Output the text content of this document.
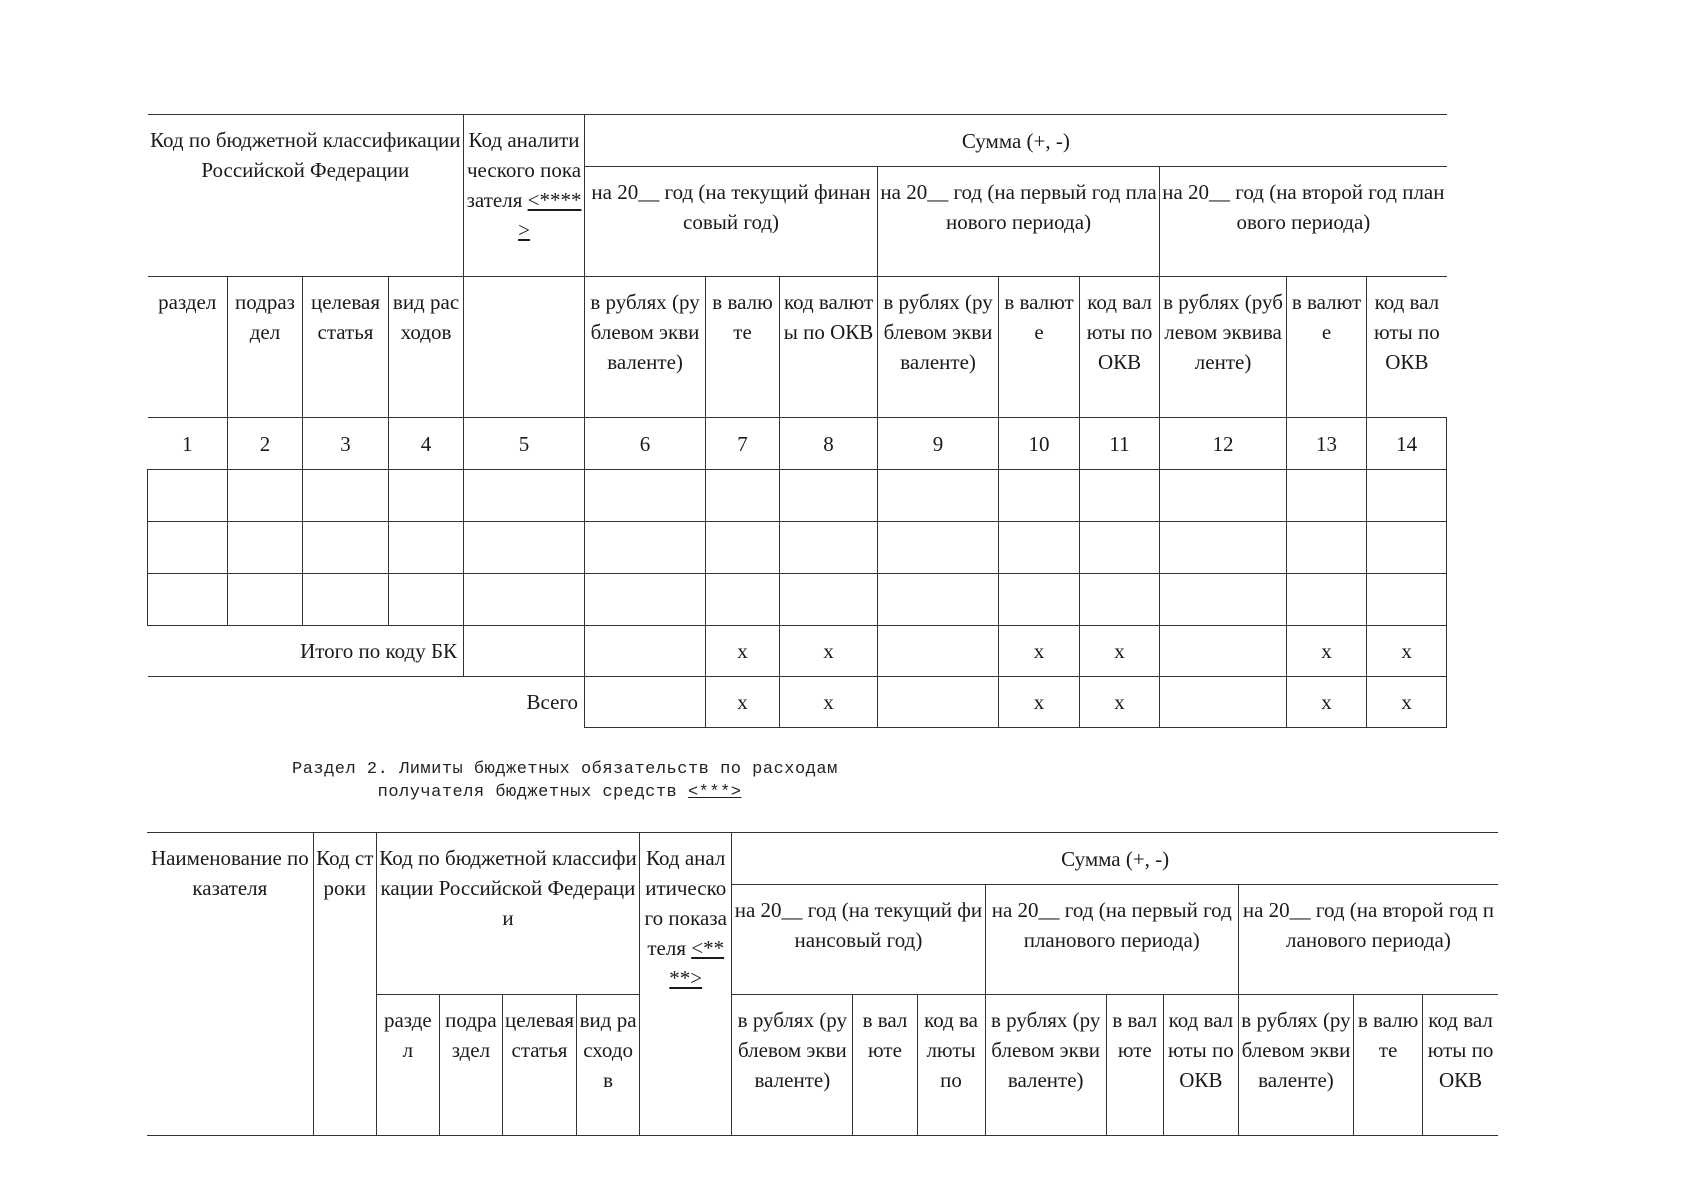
Код по бюджетной классификации Российской Федерации				Код аналитического показателя <****>	Сумма (+, -)								
					на 20__ год (на текущий финансовый год)			на 20__ год (на первый год планового периода)			на 20__ год (на второй год планового периода)		
раздел	подраздел	целевая статья	вид расходов		в рублях (рублевом эквиваленте)	в валюте	код валюты по ОКВ	в рублях (рублевом эквиваленте)	в валюте	код валюты по ОКВ	в рублях (рублевом эквиваленте)	в валюте	код валюты по ОКВ
1	2	3	4	5	6	7	8	9	10	11	12	13	14

Итого по коду БК						x	x		x	x		x	x
Всего						x	x		x	x		x	x
Раздел 2. Лимиты бюджетных обязательств по расходам
получателя бюджетных средств <***>
Наименование показателя	Код строки	Код по бюджетной классификации Российской Федерации				Код аналитического показателя <****>	Сумма (+, -)								
							на 20__ год (на текущий финансовый год)			на 20__ год (на первый год планового периода)			на 20__ год (на второй год планового периода)		
		раздел	подраздел	целевая статья	вид расходов		в рублях (рублевом эквиваленте)	в валюте	код валюты по	в рублях (рублевом эквиваленте)	в валюте	код валюты по ОКВ	в рублях (рублевом эквиваленте)	в валюте	код валюты по ОКВ
